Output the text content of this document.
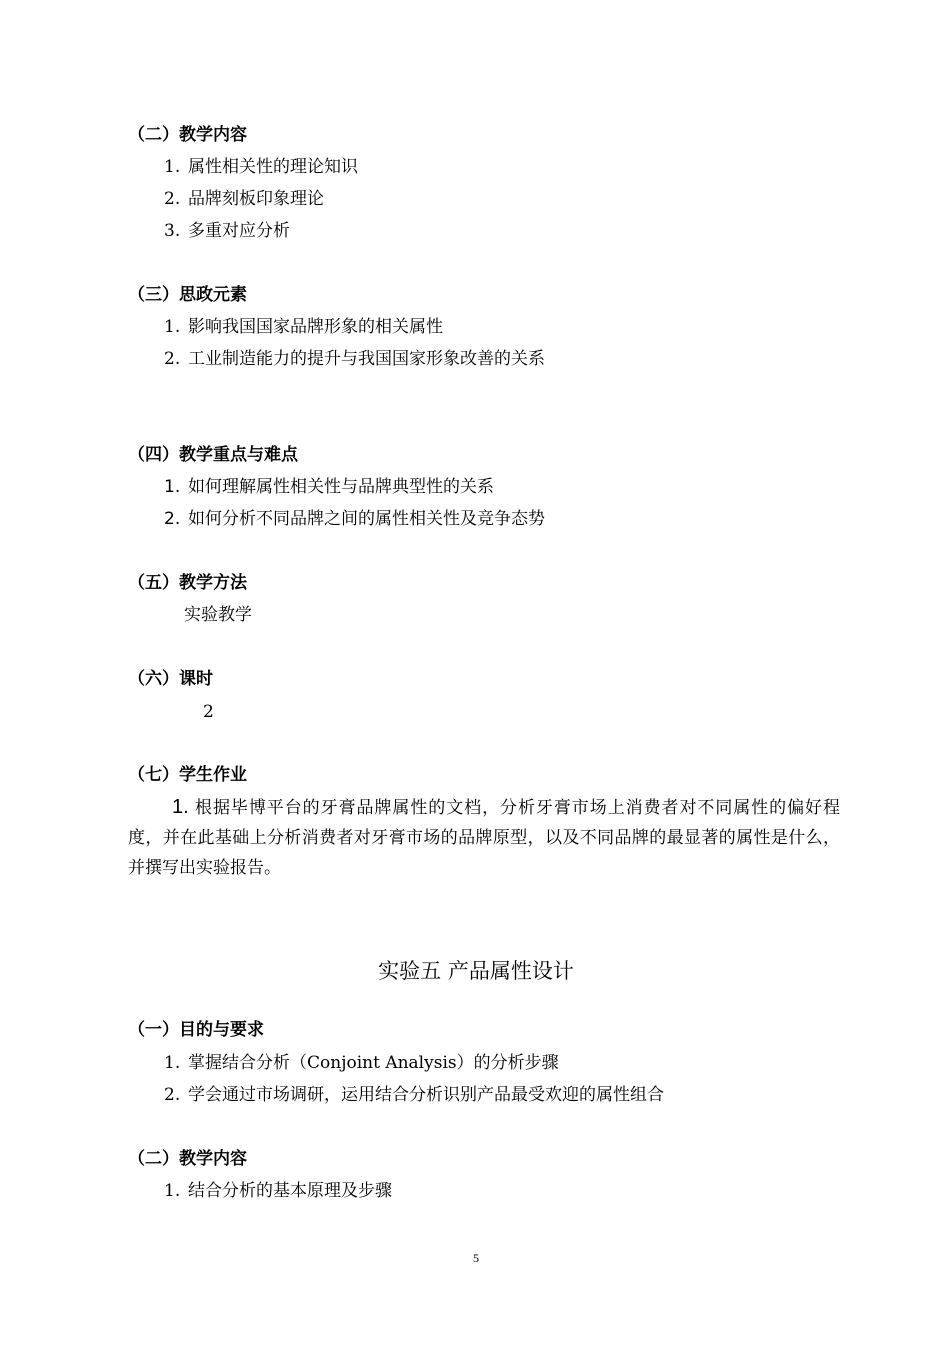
（二）教学内容
1. 属性相关性的理论知识
2. 品牌刻板印象理论
3. 多重对应分析
（三）思政元素
1. 影响我国国家品牌形象的相关属性
2. 工业制造能力的提升与我国国家形象改善的关系
（四）教学重点与难点
1. 如何理解属性相关性与品牌典型性的关系
2. 如何分析不同品牌之间的属性相关性及竞争态势
（五）教学方法
实验教学
（六）课时
2
（七）学生作业
1. 根据毕博平台的牙膏品牌属性的文档，分析牙膏市场上消费者对不同属性的偏好程度，并在此基础上分析消费者对牙膏市场的品牌原型，以及不同品牌的最显著的属性是什么，并撰写出实验报告。
实验五 产品属性设计
（一）目的与要求
1. 掌握结合分析（Conjoint Analysis）的分析步骤
2. 学会通过市场调研，运用结合分析识别产品最受欢迎的属性组合
（二）教学内容
1. 结合分析的基本原理及步骤
5
